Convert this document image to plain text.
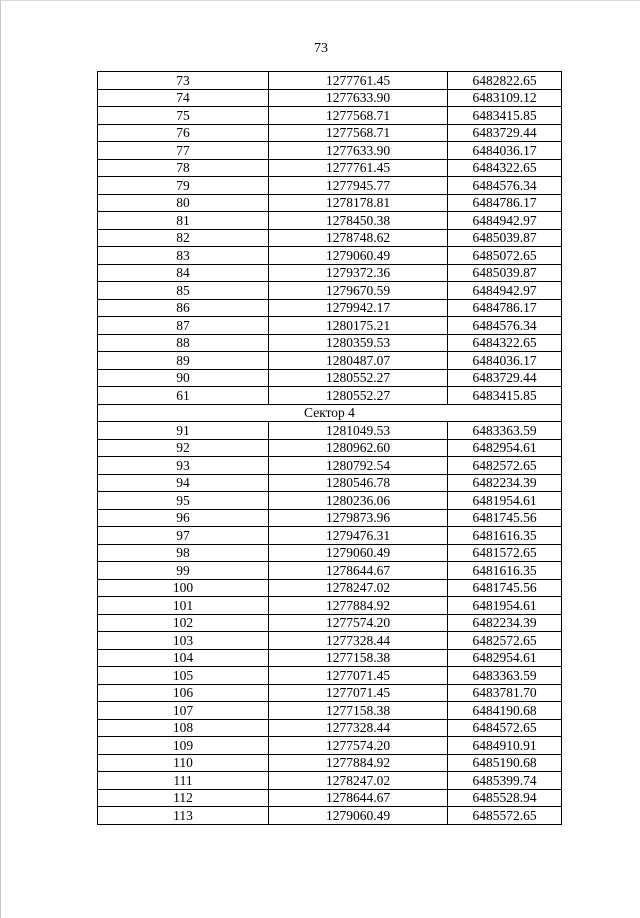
73
73	1277761.45	6482822.65
74	1277633.90	6483109.12
75	1277568.71	6483415.85
76	1277568.71	6483729.44
77	1277633.90	6484036.17
78	1277761.45	6484322.65
79	1277945.77	6484576.34
80	1278178.81	6484786.17
81	1278450.38	6484942.97
82	1278748.62	6485039.87
83	1279060.49	6485072.65
84	1279372.36	6485039.87
85	1279670.59	6484942.97
86	1279942.17	6484786.17
87	1280175.21	6484576.34
88	1280359.53	6484322.65
89	1280487.07	6484036.17
90	1280552.27	6483729.44
61	1280552.27	6483415.85
Сектор 4		
91	1281049.53	6483363.59
92	1280962.60	6482954.61
93	1280792.54	6482572.65
94	1280546.78	6482234.39
95	1280236.06	6481954.61
96	1279873.96	6481745.56
97	1279476.31	6481616.35
98	1279060.49	6481572.65
99	1278644.67	6481616.35
100	1278247.02	6481745.56
101	1277884.92	6481954.61
102	1277574.20	6482234.39
103	1277328.44	6482572.65
104	1277158.38	6482954.61
105	1277071.45	6483363.59
106	1277071.45	6483781.70
107	1277158.38	6484190.68
108	1277328.44	6484572.65
109	1277574.20	6484910.91
110	1277884.92	6485190.68
111	1278247.02	6485399.74
112	1278644.67	6485528.94
113	1279060.49	6485572.65
